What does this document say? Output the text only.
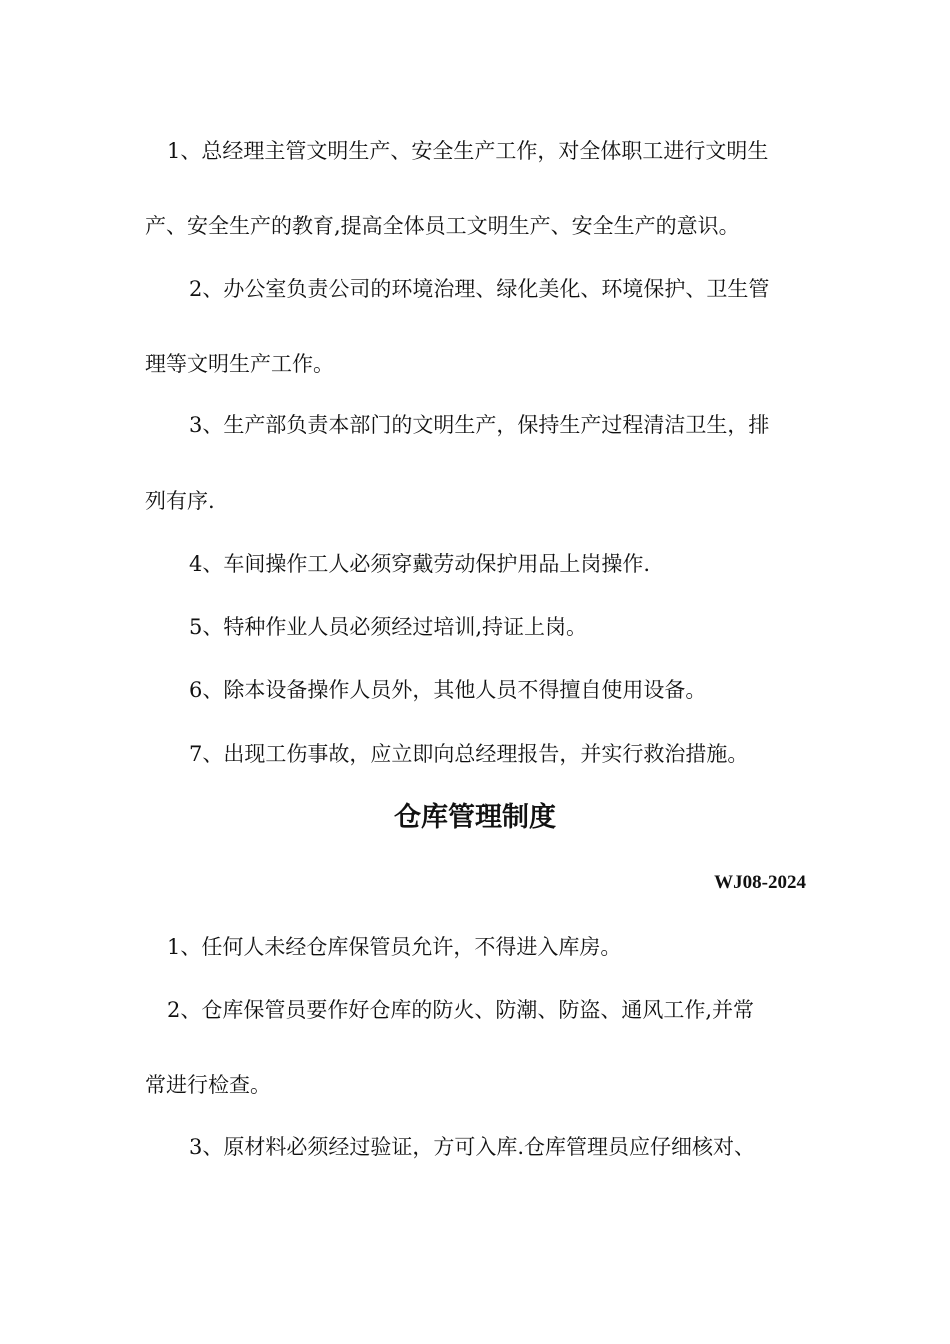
1、总经理主管文明生产、安全生产工作，对全体职工进行文明生
产、安全生产的教育,提高全体员工文明生产、安全生产的意识。
2、办公室负责公司的环境治理、绿化美化、环境保护、卫生管
理等文明生产工作。
3、生产部负责本部门的文明生产，保持生产过程清洁卫生，排
列有序.
4、车间操作工人必须穿戴劳动保护用品上岗操作.
5、特种作业人员必须经过培训,持证上岗。
6、除本设备操作人员外，其他人员不得擅自使用设备。
7、出现工伤事故，应立即向总经理报告，并实行救治措施。
仓库管理制度
WJ08-2024
1、任何人未经仓库保管员允许，不得进入库房。
2、仓库保管员要作好仓库的防火、防潮、防盗、通风工作,并常
常进行检查。
3、原材料必须经过验证，方可入库.仓库管理员应仔细核对、
